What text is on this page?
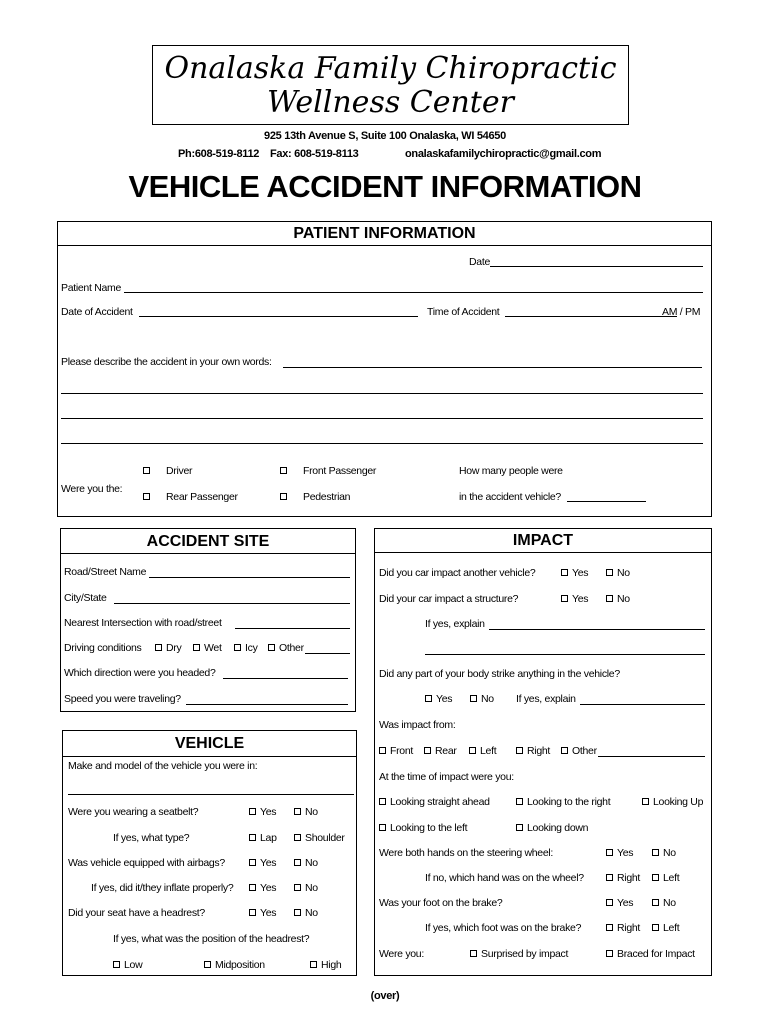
Onalaska Family Chiropractic
Wellness Center
925 13th Avenue S, Suite 100 Onalaska, WI 54650
Ph:608-519-8112 Fax: 608-519-8113	onalaskafamilychiropractic@gmail.com
VEHICLE ACCIDENT INFORMATION
PATIENT INFORMATION
Date
Patient Name
Date of Accident	Time of Accident	AM / PM
Please describe the accident in your own words:
Were you the:
Driver	Front Passenger
Rear Passenger	Pedestrian
How many people were
in the accident vehicle?
ACCIDENT SITE
Road/Street Name
City/State
Nearest Intersection with road/street
Driving conditions	Dry	Wet	Icy	Other
Which direction were you headed?
Speed you were traveling?
VEHICLE
Make and model of the vehicle you were in:
Were you wearing a seatbelt?	Yes	No
If yes, what type?	Lap	Shoulder
Was vehicle equipped with airbags?	Yes	No
If yes, did it/they inflate properly?	Yes	No
Did your seat have a headrest?	Yes	No
If yes, what was the position of the headrest?
Low	Midposition	High
IMPACT
Did you car impact another vehicle?	Yes	No
Did your car impact a structure?	Yes	No
If yes, explain
Did any part of your body strike anything in the vehicle?
Yes	No If yes, explain
Was impact from:
Front	Rear	Left	Right	Other
At the time of impact were you:
Looking straight ahead	Looking to the right	Looking Up
Looking to the left	Looking down
Were both hands on the steering wheel:	Yes	No
If no, which hand was on the wheel?	Right	Left
Was your foot on the brake?	Yes	No
If yes, which foot was on the brake?	Right	Left
Were you:	Surprised by impact	Braced for Impact
(over)
